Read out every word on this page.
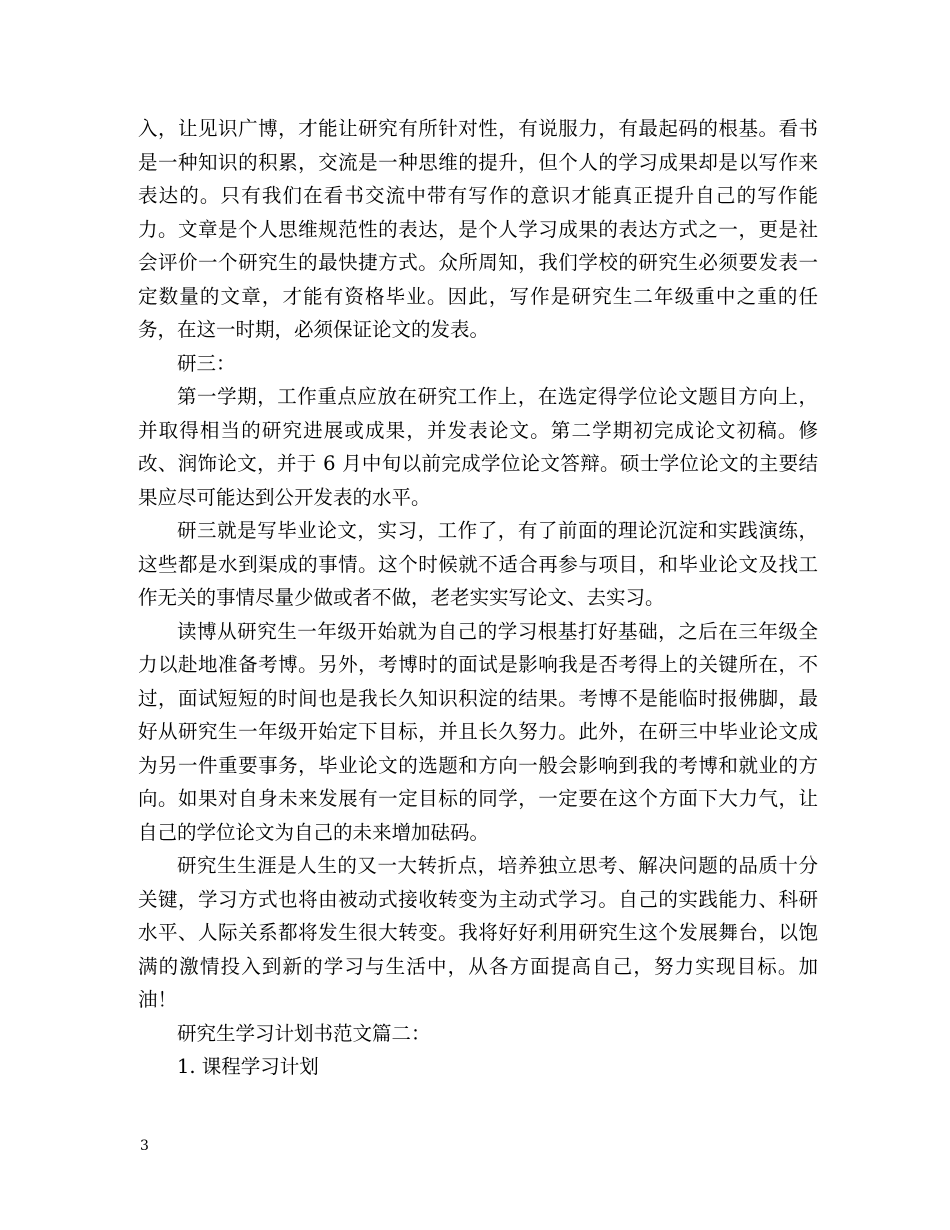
入，让见识广博，才能让研究有所针对性，有说服力，有最起码的根基。看书是一种知识的积累，交流是一种思维的提升，但个人的学习成果却是以写作来表达的。只有我们在看书交流中带有写作的意识才能真正提升自己的写作能力。文章是个人思维规范性的表达，是个人学习成果的表达方式之一，更是社会评价一个研究生的最快捷方式。众所周知，我们学校的研究生必须要发表一定数量的文章，才能有资格毕业。因此，写作是研究生二年级重中之重的任务，在这一时期，必须保证论文的发表。

研三：

第一学期，工作重点应放在研究工作上，在选定得学位论文题目方向上，并取得相当的研究进展或成果，并发表论文。第二学期初完成论文初稿。修改、润饰论文，并于 6 月中旬以前完成学位论文答辩。硕士学位论文的主要结果应尽可能达到公开发表的水平。

研三就是写毕业论文，实习，工作了，有了前面的理论沉淀和实践演练，这些都是水到渠成的事情。这个时候就不适合再参与项目，和毕业论文及找工作无关的事情尽量少做或者不做，老老实实写论文、去实习。

读博从研究生一年级开始就为自己的学习根基打好基础，之后在三年级全力以赴地准备考博。另外，考博时的面试是影响我是否考得上的关键所在，不过，面试短短的时间也是我长久知识积淀的结果。考博不是能临时报佛脚，最好从研究生一年级开始定下目标，并且长久努力。此外，在研三中毕业论文成为另一件重要事务，毕业论文的选题和方向一般会影响到我的考博和就业的方向。如果对自身未来发展有一定目标的同学，一定要在这个方面下大力气，让自己的学位论文为自己的未来增加砝码。

研究生生涯是人生的又一大转折点，培养独立思考、解决问题的品质十分关键，学习方式也将由被动式接收转变为主动式学习。自己的实践能力、科研水平、人际关系都将发生很大转变。我将好好利用研究生这个发展舞台，以饱满的激情投入到新的学习与生活中，从各方面提高自己，努力实现目标。加油！

研究生学习计划书范文篇二：

1. 课程学习计划

3
